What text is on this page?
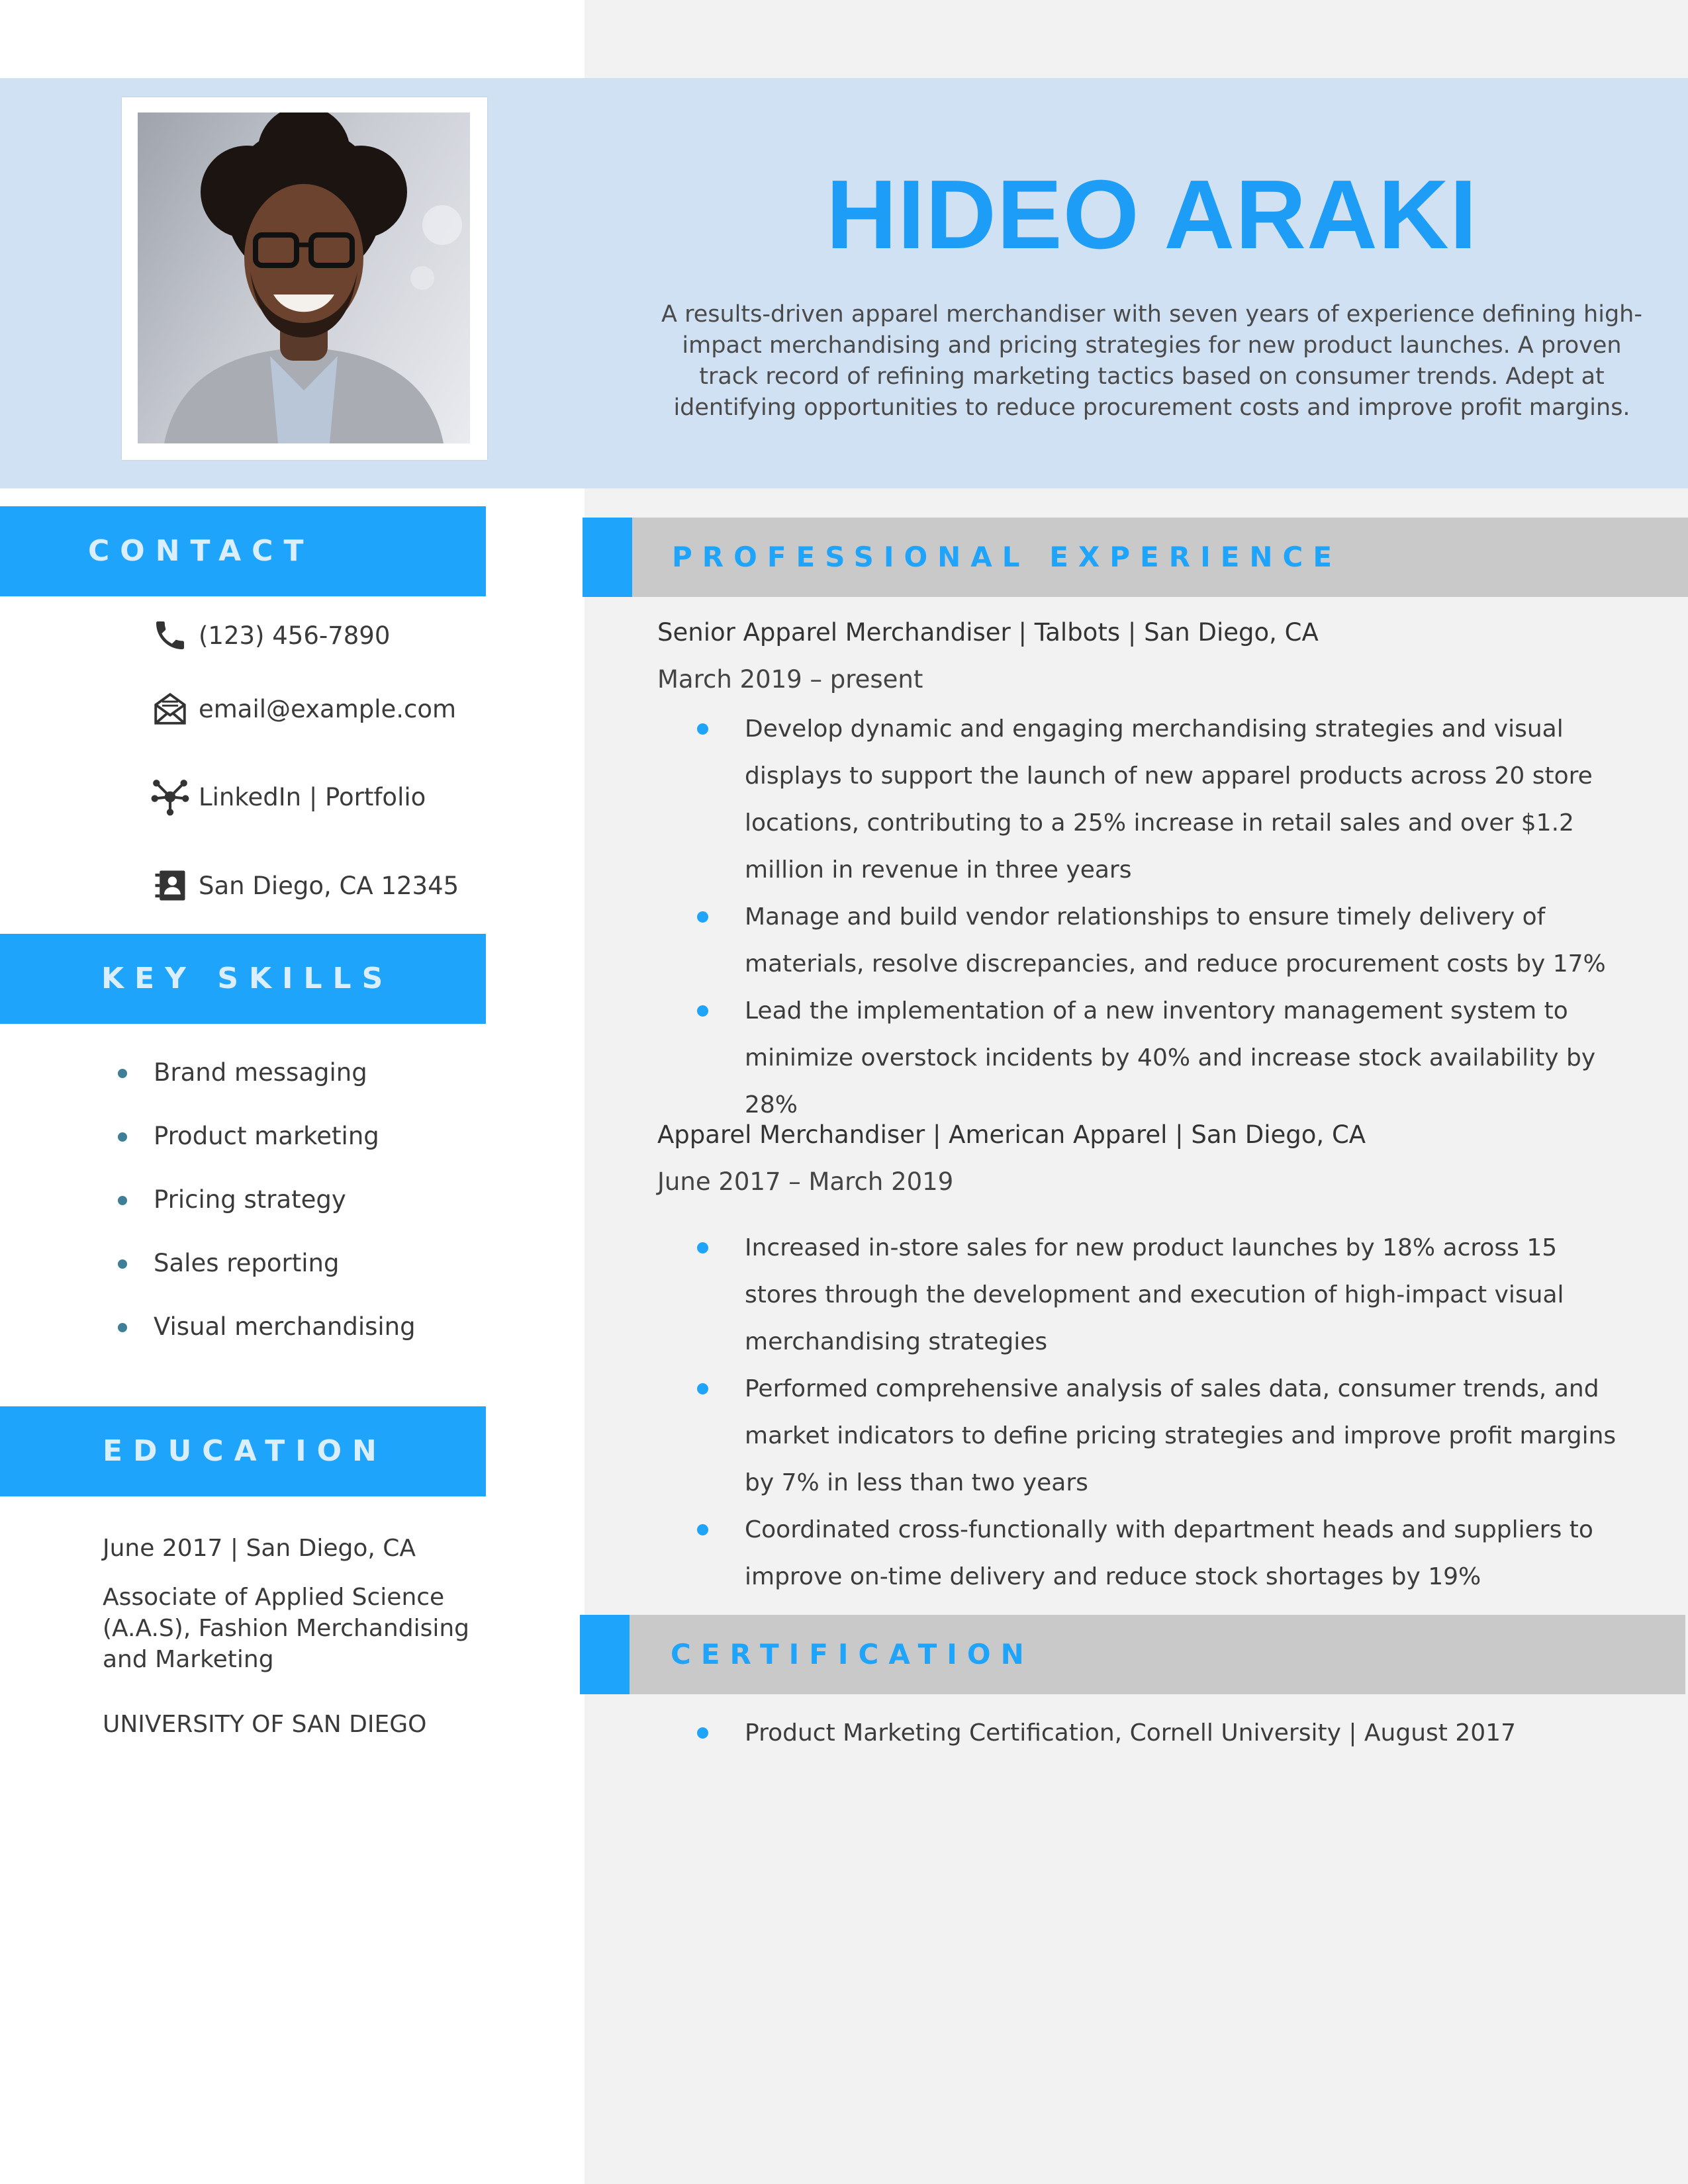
HIDEO ARAKI
A results-driven apparel merchandiser with seven years of experience defining high-impact merchandising and pricing strategies for new product launches. A proven track record of refining marketing tactics based on consumer trends. Adept at identifying opportunities to reduce procurement costs and improve profit margins.
CONTACT
(123) 456-7890
email@example.com
LinkedIn | Portfolio
San Diego, CA 12345
KEY SKILLS
Brand messaging
Product marketing
Pricing strategy
Sales reporting
Visual merchandising
EDUCATION
June 2017 | San Diego, CA
Associate of Applied Science (A.A.S), Fashion Merchandising and Marketing
UNIVERSITY OF SAN DIEGO
PROFESSIONAL EXPERIENCE
Senior Apparel Merchandiser | Talbots | San Diego, CA
March 2019 – present
Develop dynamic and engaging merchandising strategies and visual displays to support the launch of new apparel products across 20 store locations, contributing to a 25% increase in retail sales and over $1.2 million in revenue in three years
Manage and build vendor relationships to ensure timely delivery of materials, resolve discrepancies, and reduce procurement costs by 17%
Lead the implementation of a new inventory management system to minimize overstock incidents by 40% and increase stock availability by 28%
Apparel Merchandiser | American Apparel | San Diego, CA
June 2017 – March 2019
Increased in-store sales for new product launches by 18% across 15 stores through the development and execution of high-impact visual merchandising strategies
Performed comprehensive analysis of sales data, consumer trends, and market indicators to define pricing strategies and improve profit margins by 7% in less than two years
Coordinated cross-functionally with department heads and suppliers to improve on-time delivery and reduce stock shortages by 19%
CERTIFICATION
Product Marketing Certification, Cornell University | August 2017
